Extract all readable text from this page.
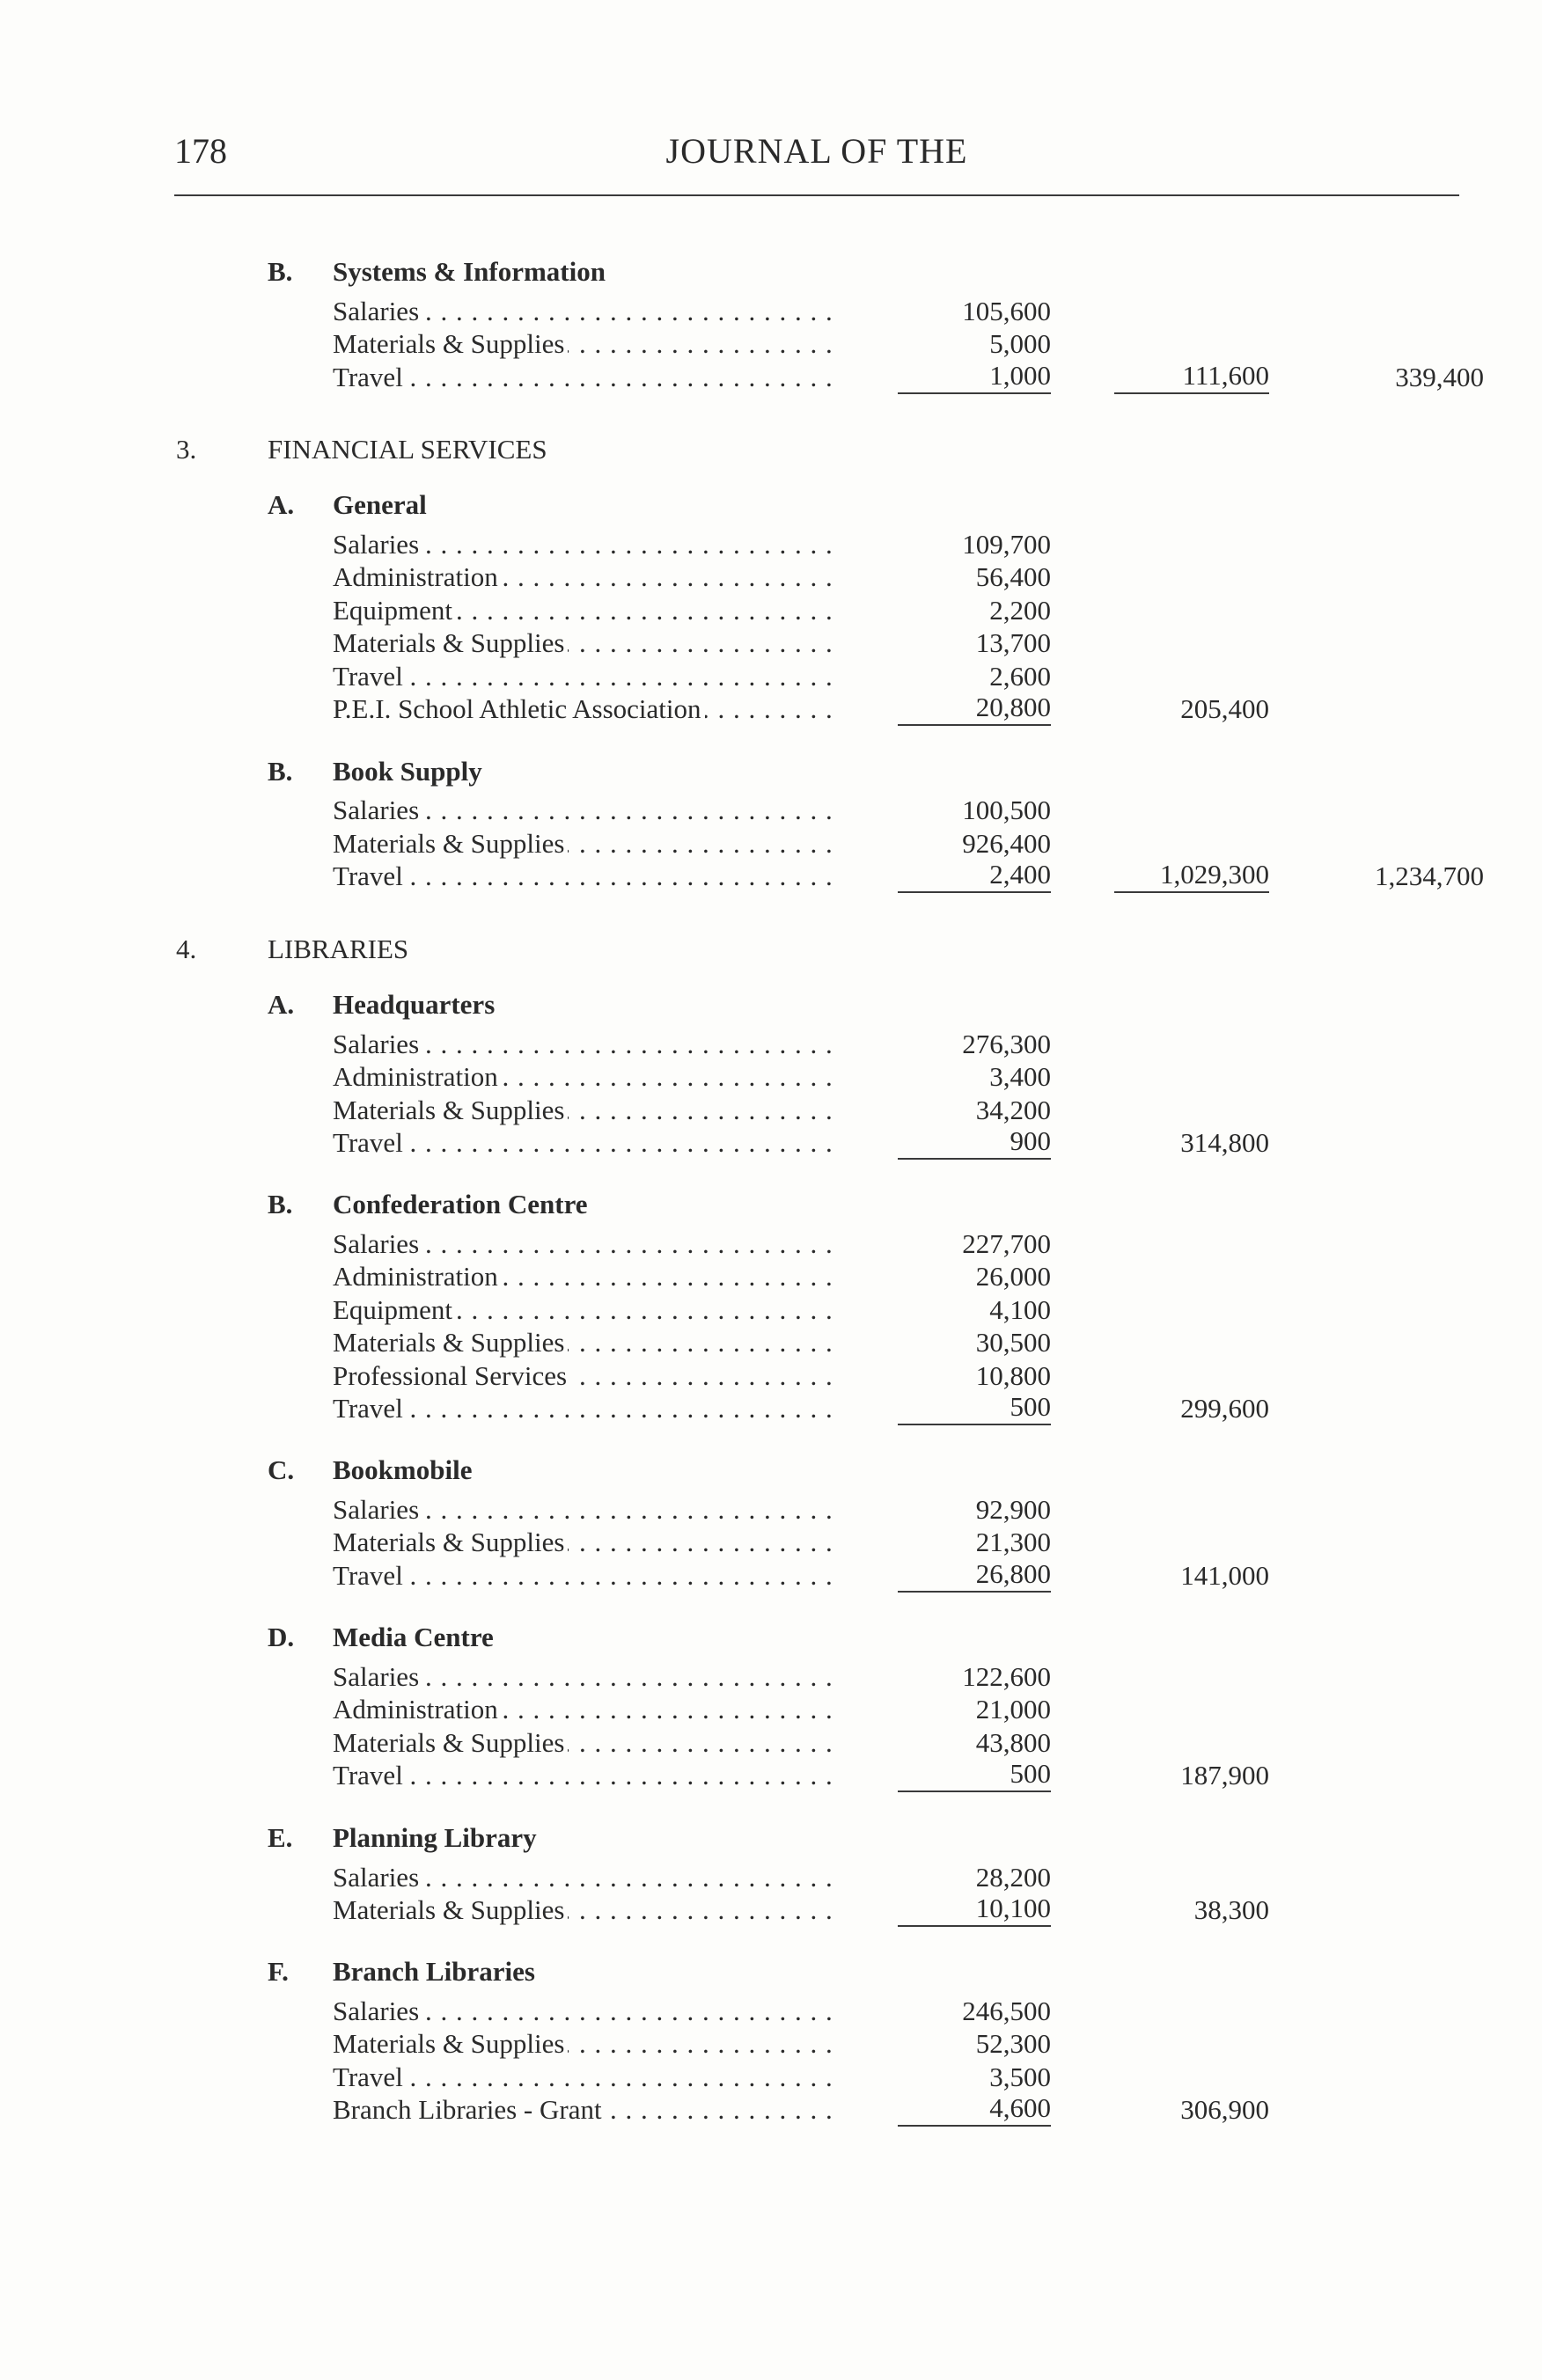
178	JOURNAL OF THE
B. Systems & Information
Salaries . . .	105,600
Materials & Supplies . . .	5,000
Travel . . .	1,000	111,600	339,400
3.	FINANCIAL SERVICES
A. General
Salaries . . .	109,700
Administration . . .	56,400
Equipment . . .	2,200
Materials & Supplies . . .	13,700
Travel . . .	2,600
P.E.I. School Athletic Association . . .	20,800	205,400
B. Book Supply
Salaries . . .	100,500
Materials & Supplies . . .	926,400
Travel . . .	2,400	1,029,300	1,234,700
4.	LIBRARIES
A. Headquarters
Salaries . . .	276,300
Administration . . .	3,400
Materials & Supplies . . .	34,200
Travel . . .	900	314,800
B. Confederation Centre
Salaries . . .	227,700
Administration . . .	26,000
Equipment . . .	4,100
Materials & Supplies . . .	30,500
Professional Services . . .	10,800
Travel . . .	500	299,600
C. Bookmobile
Salaries . . .	92,900
Materials & Supplies . . .	21,300
Travel . . .	26,800	141,000
D. Media Centre
Salaries . . .	122,600
Administration . . .	21,000
Materials & Supplies . . .	43,800
Travel . . .	500	187,900
E. Planning Library
Salaries . . .	28,200
Materials & Supplies . . .	10,100	38,300
F. Branch Libraries
Salaries . . .	246,500
Materials & Supplies . . .	52,300
Travel . . .	3,500
Branch Libraries - Grant . . .	4,600	306,900
